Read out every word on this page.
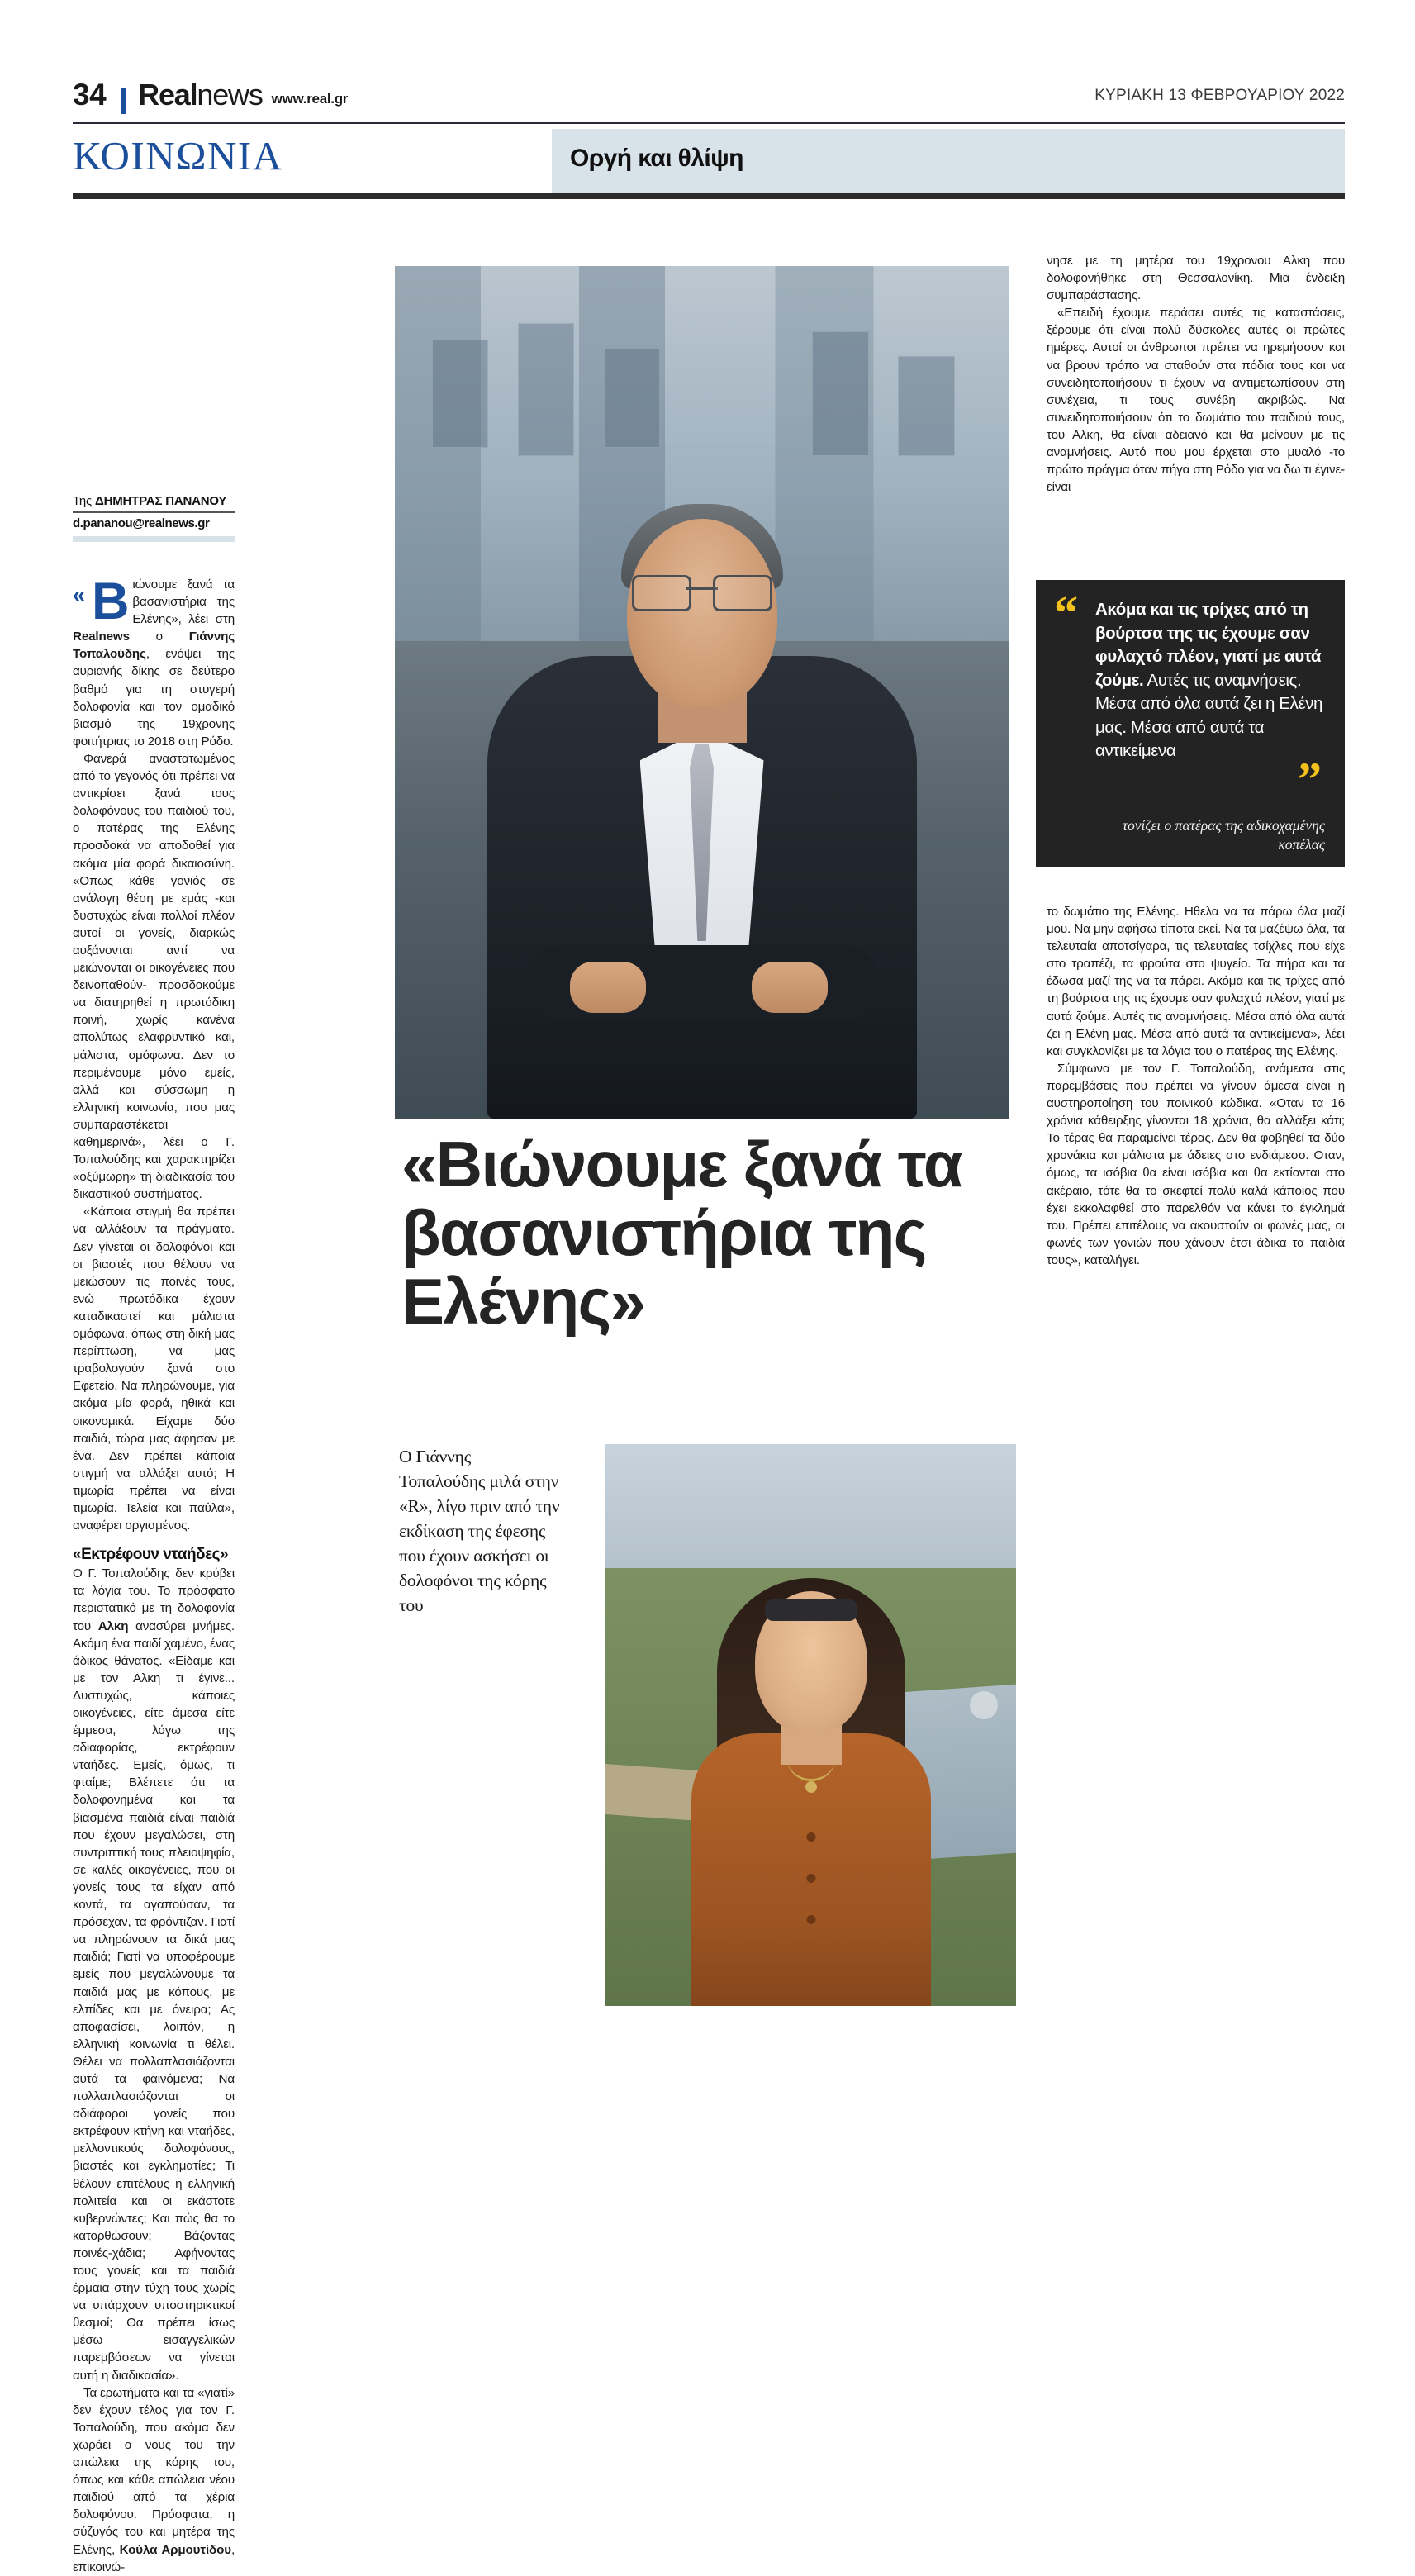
34 Real news www.real.gr	ΚΥΡΙΑΚΗ 13 ΦΕΒΡΟΥΑΡΙΟΥ 2022
ΚΟΙΝΩΝΙΑ	Οργή και θλίψη
Της ΔΗΜΗΤΡΑΣ ΠΑΝΑΝΟΥ
d.pananou@realnews.gr
« Β ιώνουμε ξανά τα βασανιστήρια της Ελένης», λέει στη Realnews ο Γιάννης Τοπαλούδης, ενόψει της αυριανής δίκης σε δεύτερο βαθμό για τη στυγερή δολοφονία και τον ομαδικό βιασμό της 19χρονης φοιτήτριας το 2018 στη Ρόδο.

Φανερά αναστατωμένος από το γεγονός ότι πρέπει να αντικρίσει ξανά τους δολοφόνους του παιδιού του, ο πατέρας της Ελένης προσδοκά να αποδοθεί για ακόμα μία φορά δικαιοσύνη. «Οπως κάθε γονιός σε ανάλογη θέση με εμάς -και δυστυχώς είναι πολλοί πλέον αυτοί οι γονείς, διαρκώς αυξάνονται αντί να μειώνονται οι οικογένειες που δεινοπαθούν- προσδοκούμε να διατηρηθεί η πρωτόδικη ποινή, χωρίς κανένα απολύτως ελαφρυντικό και, μάλιστα, ομόφωνα. Δεν το περιμένουμε μόνο εμείς, αλλά και σύσσωμη η ελληνική κοινωνία, που μας συμπαραστέκεται καθημερινά», λέει ο Γ. Τοπαλούδης και χαρακτηρίζει «οξύμωρη» τη διαδικασία του δικαστικού συστήματος.

«Κάποια στιγμή θα πρέπει να αλλάξουν τα πράγματα. Δεν γίνεται οι δολοφόνοι και οι βιαστές που θέλουν να μειώσουν τις ποινές τους, ενώ πρωτόδικα έχουν καταδικαστεί και μάλιστα ομόφωνα, όπως στη δική μας περίπτωση, να μας τραβολογούν ξανά στο Εφετείο. Να πληρώνουμε, για ακόμα μία φορά, ηθικά και οικονομικά. Είχαμε δύο παιδιά, τώρα μας άφησαν με ένα. Δεν πρέπει κάποια στιγμή να αλλάξει αυτό; Η τιμωρία πρέπει να είναι τιμωρία. Τελεία και παύλα», αναφέρει οργισμένος.

«Εκτρέφουν νταήδες»

Ο Γ. Τοπαλούδης δεν κρύβει τα λόγια του. Το πρόσφατο περιστατικό με τη δολοφονία του Αλκη ανασύρει μνήμες. Ακόμη ένα παιδί χαμένο, ένας άδικος θάνατος. «Είδαμε και με τον Αλκη τι έγινε... Δυστυχώς, κάποιες οικογένειες, είτε άμεσα είτε έμμεσα, λόγω της αδιαφορίας, εκτρέφουν νταήδες. Εμείς, όμως, τι φταίμε; Βλέπετε ότι τα δολοφονημένα και τα βιασμένα παιδιά είναι παιδιά που έχουν μεγαλώσει, στη συντριπτική τους πλειοψηφία, σε καλές οικογένειες, που οι γονείς τους τα είχαν από κοντά, τα αγαπούσαν, τα πρόσεχαν, τα φρόντιζαν. Γιατί να πληρώνουν τα δικά μας παιδιά; Γιατί να υποφέρουμε εμείς που μεγαλώνουμε τα παιδιά μας με κόπους, με ελπίδες και με όνειρα; Ας αποφασίσει, λοιπόν, η ελληνική κοινωνία τι θέλει. Θέλει να πολλαπλασιάζονται αυτά τα φαινόμενα; Να πολλαπλασιάζονται οι αδιάφοροι γονείς που εκτρέφουν κτήνη και νταήδες, μελλοντικούς δολοφόνους, βιαστές και εγκληματίες; Τι θέλουν επιτέλους η ελληνική πολιτεία και οι εκάστοτε κυβερνώντες; Και πώς θα το κατορθώσουν; Βάζοντας ποινές-χάδια; Αφήνοντας τους γονείς και τα παιδιά έρμαια στην τύχη τους χωρίς να υπάρχουν υποστηρικτικοί θεσμοί; Θα πρέπει ίσως μέσω εισαγγελικών παρεμβάσεων να γίνεται αυτή η διαδικασία».

Τα ερωτήματα και τα «γιατί» δεν έχουν τέλος για τον Γ. Τοπαλούδη, που ακόμα δεν χωράει ο νους του την απώλεια της κόρης του, όπως και κάθε απώλεια νέου παιδιού από τα χέρια δολοφόνου. Πρόσφατα, η σύζυγός του και μητέρα της Ελένης, Κούλα Αρμουτίδου, επικοινώ-

«Βιώνουμε ξανά τα βασανιστήρια της Ελένης»
Ο Γιάννης Τοπαλούδης μιλά στην «R», λίγο πριν από την εκδίκαση της έφεσης που έχουν ασκήσει οι δολοφόνοι της κόρης του

νησε με τη μητέρα του 19χρονου Αλκη που δολοφονήθηκε στη Θεσσαλονίκη. Μια ένδειξη συμπαράστασης.

«Επειδή έχουμε περάσει αυτές τις καταστάσεις, ξέρουμε ότι είναι πολύ δύσκολες αυτές οι πρώτες ημέρες. Αυτοί οι άνθρωποι πρέπει να ηρεμήσουν και να βρουν τρόπο να σταθούν στα πόδια τους και να συνειδητοποιήσουν τι έχουν να αντιμετωπίσουν στη συνέχεια, τι τους συνέβη ακριβώς. Να συνειδητοποιήσουν ότι το δωμάτιο του παιδιού τους, του Αλκη, θα είναι αδειανό και θα μείνουν με τις αναμνήσεις. Αυτό που μου έρχεται στο μυαλό -το πρώτο πράγμα όταν πήγα στη Ρόδο για να δω τι έγινε- είναι

“ Ακόμα και τις τρίχες από τη βούρτσα της τις έχουμε σαν φυλαχτό πλέον, γιατί με αυτά ζούμε. Αυτές τις αναμνήσεις. Μέσα από όλα αυτά ζει η Ελένη μας. Μέσα από αυτά τα αντικείμενα
”
τονίζει ο πατέρας της αδικοχαμένης κοπέλας

το δωμάτιο της Ελένης. Ηθελα να τα πάρω όλα μαζί μου. Να μην αφήσω τίποτα εκεί. Να τα μαζέψω όλα, τα τελευταία αποτσίγαρα, τις τελευταίες τσίχλες που είχε στο τραπέζι, τα φρούτα στο ψυγείο. Τα πήρα και τα έδωσα μαζί της να τα πάρει. Ακόμα και τις τρίχες από τη βούρτσα της τις έχουμε σαν φυλαχτό πλέον, γιατί με αυτά ζούμε. Αυτές τις αναμνήσεις. Μέσα από όλα αυτά ζει η Ελένη μας. Μέσα από αυτά τα αντικείμενα», λέει και συγκλονίζει με τα λόγια του ο πατέρας της Ελένης.

Σύμφωνα με τον Γ. Τοπαλούδη, ανάμεσα στις παρεμβάσεις που πρέπει να γίνουν άμεσα είναι η αυστηροποίηση του ποινικού κώδικα. «Οταν τα 16 χρόνια κάθειρξης γίνονται 18 χρόνια, θα αλλάξει κάτι; Το τέρας θα παραμείνει τέρας. Δεν θα φοβηθεί τα δύο χρονάκια και μάλιστα με άδειες στο ενδιάμεσο. Οταν, όμως, τα ισόβια θα είναι ισόβια και θα εκτίονται στο ακέραιο, τότε θα το σκεφτεί πολύ καλά κάποιος που έχει εκκολαφθεί στο παρελθόν να κάνει το έγκλημά του. Πρέπει επιτέλους να ακουστούν οι φωνές μας, οι φωνές των γονιών που χάνουν έτσι άδικα τα παιδιά τους», καταλήγει.
